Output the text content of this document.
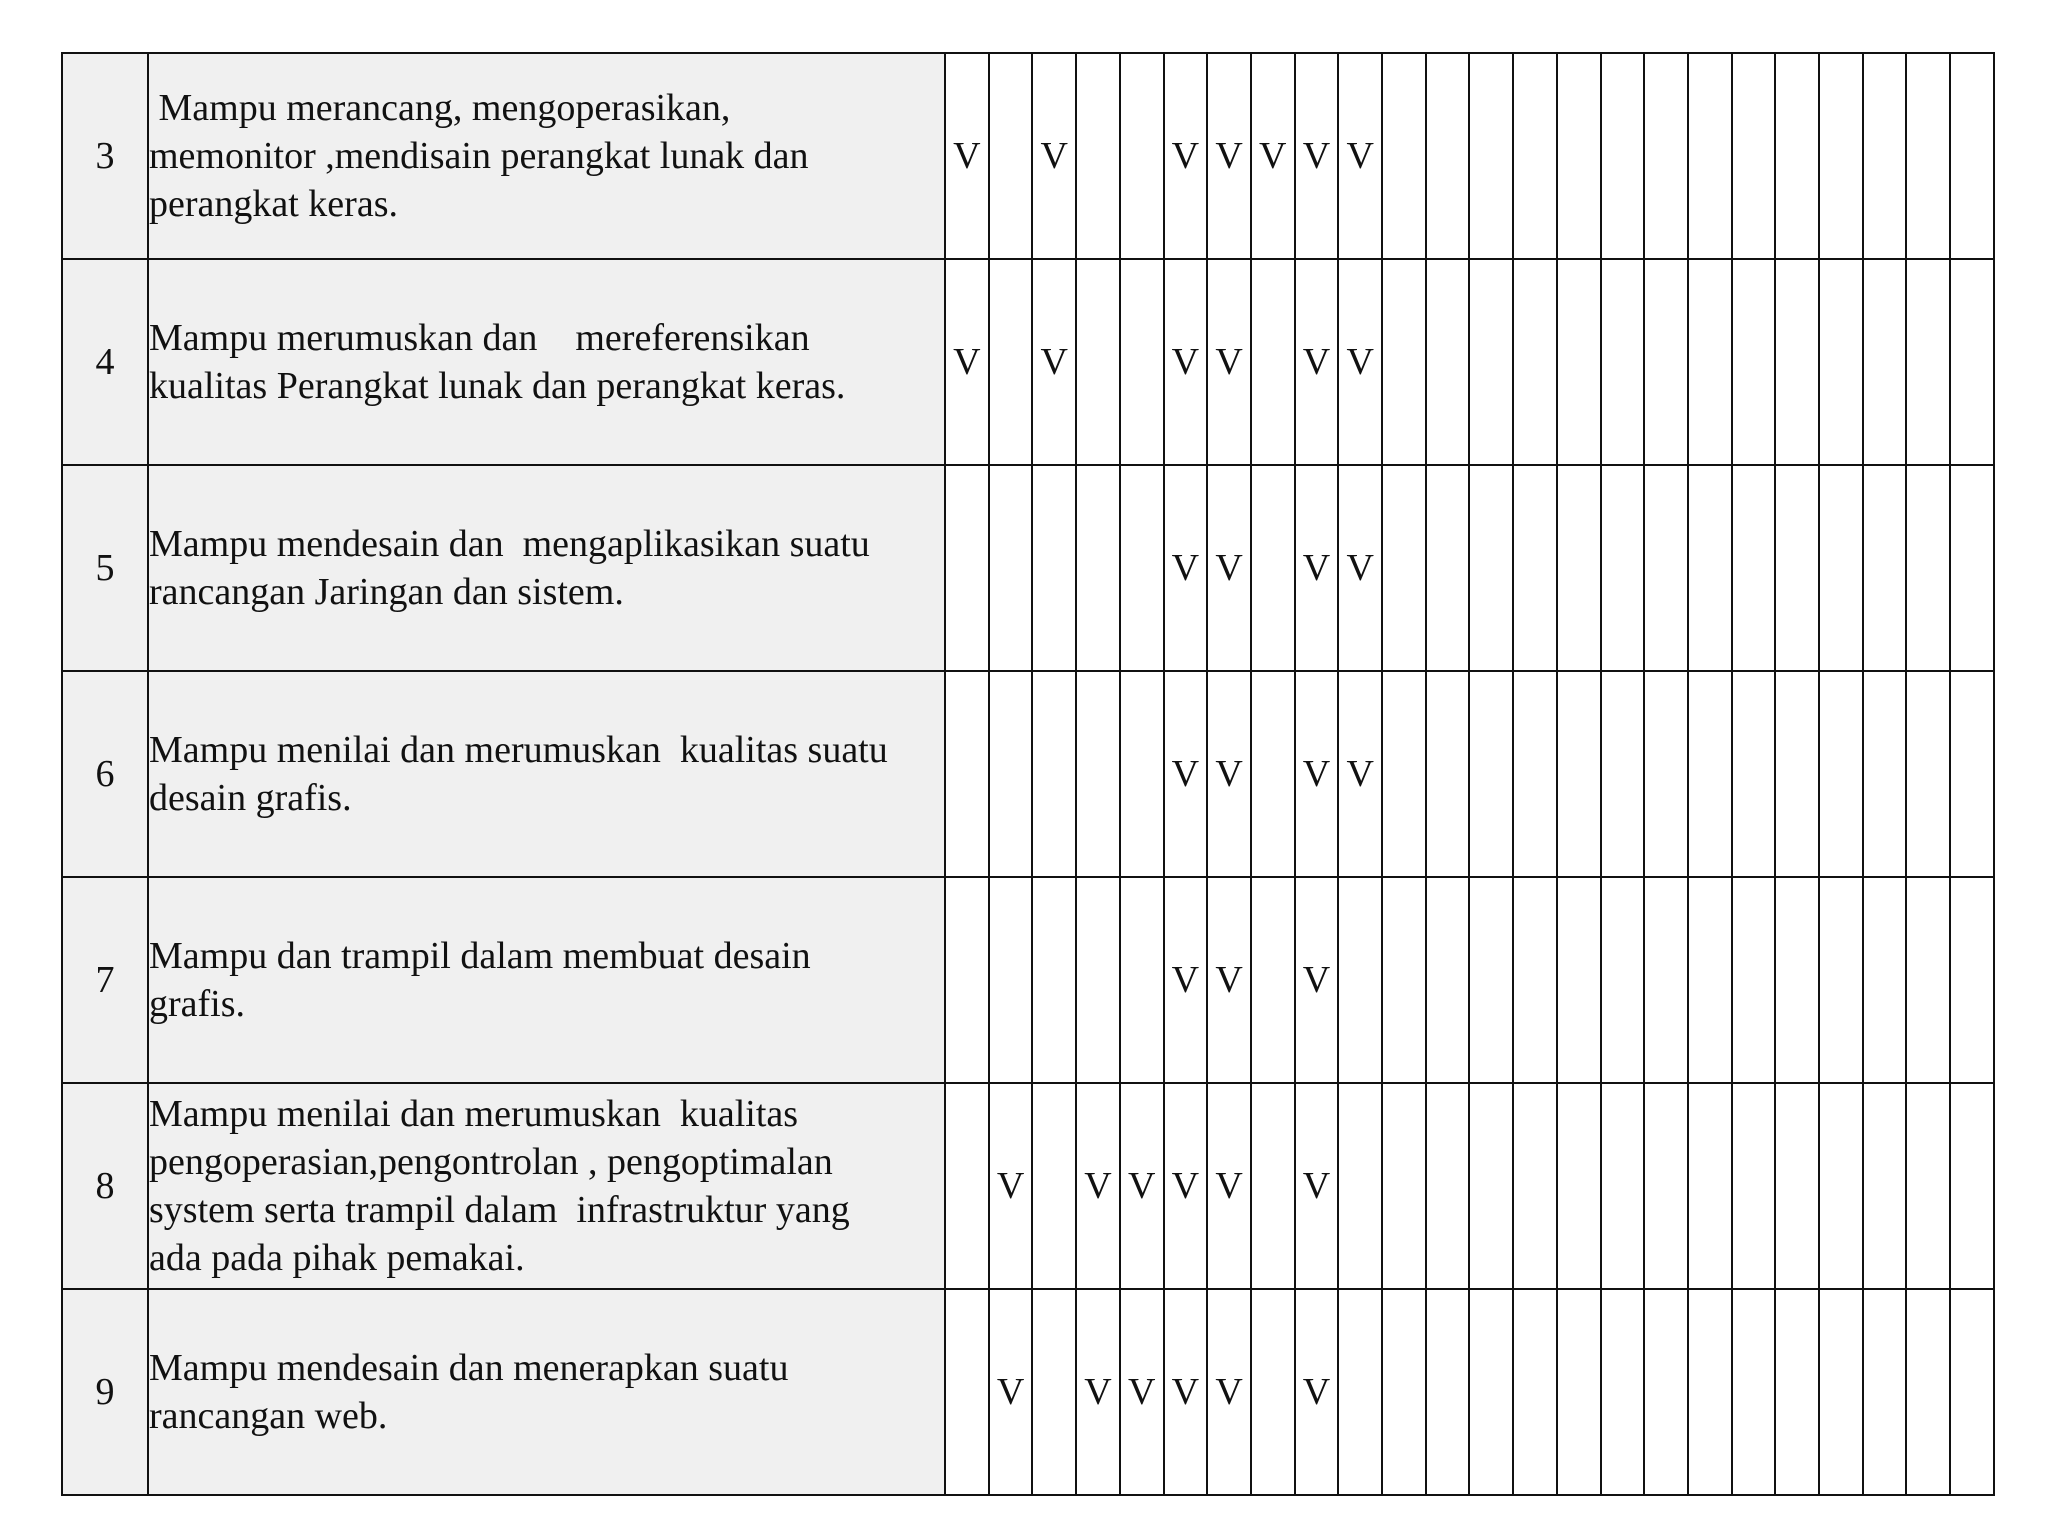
3	Mampu merancang, mengoperasikan,
memonitor ,mendisain perangkat lunak dan
perangkat keras.	V		V			V	V	V	V	V														
4	Mampu merumuskan dan    mereferensikan
kualitas Perangkat lunak dan perangkat keras.	V		V			V	V		V	V														
5	Mampu mendesain dan  mengaplikasikan suatu
rancangan Jaringan dan sistem.						V	V		V	V														
6	Mampu menilai dan merumuskan  kualitas suatu
desain grafis.						V	V		V	V														
7	Mampu dan trampil dalam membuat desain
grafis.						V	V		V															
8	Mampu menilai dan merumuskan  kualitas
pengoperasian,pengontrolan , pengoptimalan
system serta trampil dalam  infrastruktur yang
ada pada pihak pemakai.		V		V	V	V	V		V															
9	Mampu mendesain dan menerapkan suatu
rancangan web.		V		V	V	V	V		V															
